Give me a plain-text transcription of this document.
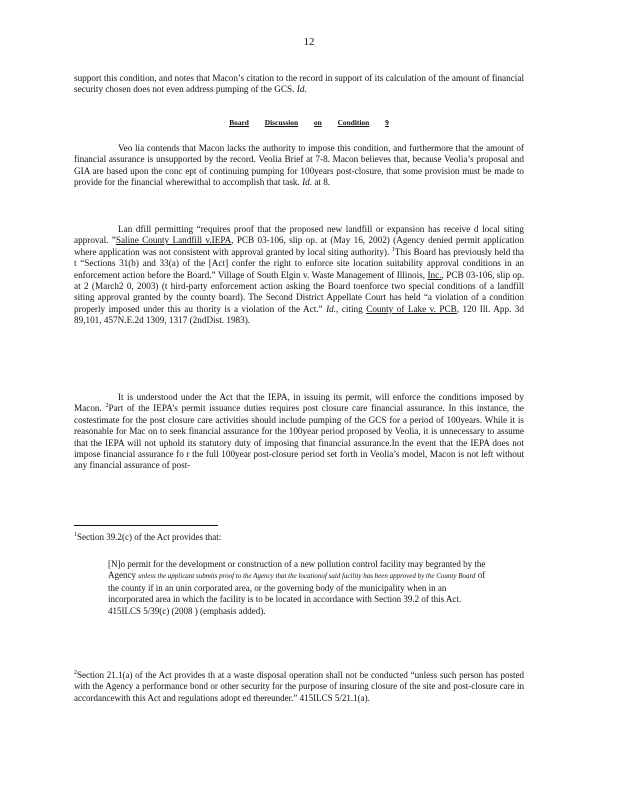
12
support this condition, and notes that Macon’s citation to the record in support of its calculation of the amount of financial security chosen does not even address pumping of the GCS. Id.
Board Discussion on Condition 9
Veo lia contends that Macon lacks the authority to impose this condition, and furthermore that the amount of financial assurance is unsupported by the record. Veolia Brief at 7-8. Macon believes that, because Veolia’s proposal and GIA are based upon the conc ept of continuing pumping for 100years post-closure, that some provision must be made to provide for the financial wherewithal to accomplish that task. Id. at 8.
Lan dfill permitting “requires proof that the proposed new landfill or expansion has receive d local siting approval. ”Saline County Landfill v.IEPA, PCB 03-106, slip op. at (May 16, 2002) (Agency denied permit application where application was not consistent with approval granted by local siting authority). $^1$This Board has previously held tha t “Sections 31(b) and 33(a) of the [Act] confer the right to enforce site location suitability approval conditions in an enforcement action before the Board.” Village of South Elgin v. Waste Management of Illinois, Inc., PCB 03-106, slip op. at 2 (March2 0, 2003) (t hird-party enforcement action asking the Board toenforce two special conditions of a landfill siting approval granted by the county board). The Second District Appellate Court has held “a violation of a condition properly imposed under this au thority is a violation of the Act.” Id., citing County of Lake v. PCB, 120 Ill. App. 3d 89,101, 457N.E.2d 1309, 1317 (2ndDist. 1983).
It is understood under the Act that the IEPA, in issuing its permit, will enforce the conditions imposed by Macon. $^2$Part of the IEPA’s permit issuance duties requires post closure care financial assurance. In this instance, the costestimate for the post closure care activities should include pumping of the GCS for a period of 100years. While it is reasonable for Mac on to seek financial assurance for the 100year period proposed by Veolia, it is unnecessary to assume that the IEPA will not uphold its statutory duty of imposing that financial assurance.In the event that the IEPA does not impose financial assurance fo r the full 100year post-closure period set forth in Veolia’s model, Macon is not left without any financial assurance of post-
$^1$Section 39.2(c) of the Act provides that:
[N]o permit for the development or construction of a new pollution control facility may begranted by the Agency unless the applicant submits proof to the Agency that the locationof said facility has been approved by the County Board of the county if in an unin corporated area, or the governing body of the municipality when in an incorporated area in which the facility is to be located in accordance with Section 39.2 of this Act. 415ILCS 5/39(c) (2008 ) (emphasis added).
$^2$Section 21.1(a) of the Act provides th at a waste disposal operation shall not be conducted “unless such person has posted with the Agency a performance bond or other security for the purpose of insuring closure of the site and post-closure care in accordancewith this Act and regulations adopt ed thereunder.” 415ILCS 5/21.1(a).
